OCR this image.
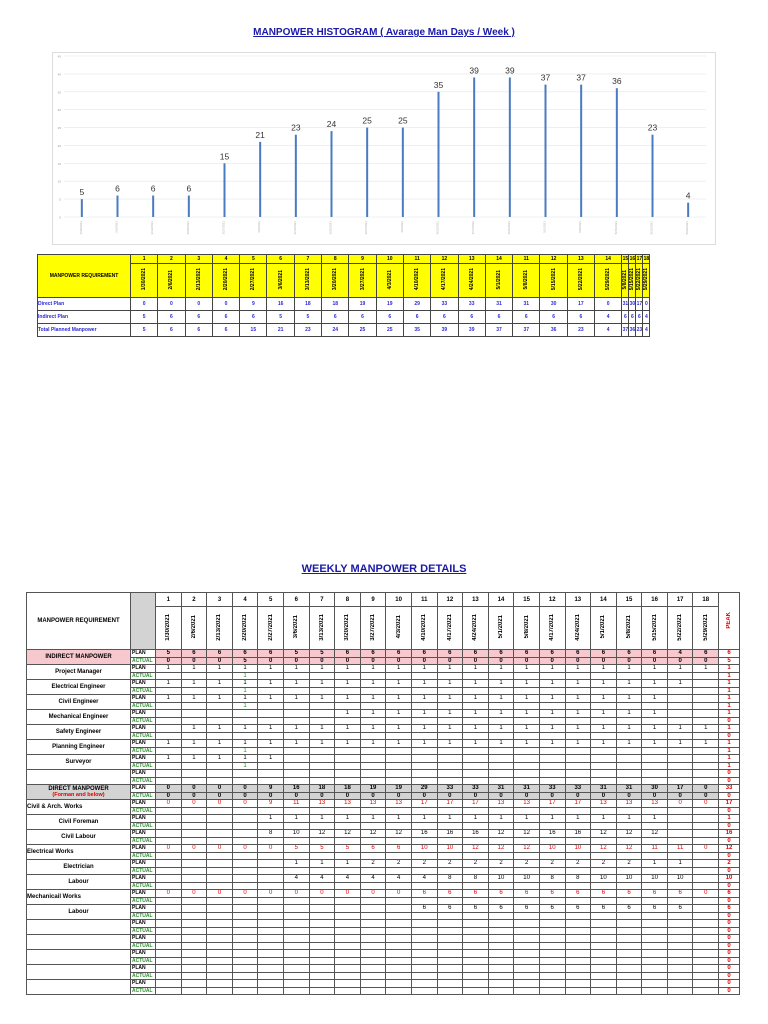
MANPOWER HISTOGRAM ( Avarage Man Days / Week )
0
5
10
15
20
25
30
35
40
45
5
1/30/2021
6
2/6/2021
6
2/13/2021
6
2/20/2021
15
2/27/2021
21
3/6/2021
23
3/13/2021
24
3/20/2021
25
3/27/2021
25
4/3/2021
35
4/10/2021
39
4/17/2021
39
4/24/2021
37
5/1/2021
37
5/8/2021
36
5/15/2021
23
5/22/2021
4
5/29/2021
MANPOWER REQUIREMENT	1	2	3	4	5	6	7	8	9	10	11	12	13	14	11	12	13	14	15	16	17	18
	1/30/2021	2/6/2021	2/13/2021	2/20/2021	2/27/2021	3/6/2021	3/13/2021	3/20/2021	3/27/2021	4/3/2021	4/10/2021	4/17/2021	4/24/2021	5/1/2021	5/8/2021	5/15/2021	5/22/2021	5/29/2021	5/8/2021	5/15/2021	5/22/2021	5/29/2021
Direct Plan	0	0	0	0	9	16	18	18	19	19	29	33	33	31	31	30	17	0	31	30	17	0
Indirect Plan	5	6	6	6	6	5	5	6	6	6	6	6	6	6	6	6	6	4	6	6	6	4
Total Planned Manpower	5	6	6	6	15	21	23	24	25	25	35	39	39	37	37	36	23	4	37	36	23	4
WEEKLY MANPOWER DETAILS
MANPOWER REQUIREMENT		1	2	3	4	5	6	7	8	9	10	11	12	13	14	15	12	13	14	15	16	17	18	PEAK
		1/30/2021	2/6/2021	2/13/2021	2/20/2021	2/27/2021	3/6/2021	3/13/2021	3/20/2021	3/27/2021	4/3/2021	4/10/2021	4/17/2021	4/24/2021	5/1/2021	5/8/2021	4/17/2021	4/24/2021	5/1/2021	5/8/2021	5/15/2021	5/22/2021	5/29/2021	
INDIRECT MANPOWER	PLAN	5	6	6	6	6	5	5	6	6	6	6	6	6	6	6	6	6	6	6	6	4	6	6
	ACTUAL	0	0	0	5	0	0	0	0	0	0	0	0	0	0	0	0	0	0	0	0	0	0	5
Project Manager	PLAN	1	1	1	1	1	1	1	1	1	1	1	1	1	1	1	1	1	1	1	1	1	1	1
	ACTUAL				1																			1
Electrical Engineer	PLAN	1	1	1	1	1	1	1	1	1	1	1	1	1	1	1	1	1	1	1	1	1		1
	ACTUAL				1																			1
Civil Engineer	PLAN	1	1	1	1	1	1	1	1	1	1	1	1	1	1	1	1	1	1	1	1			1
	ACTUAL				1																			1
Mechanical Engineer	PLAN								1	1	1	1	1	1	1	1	1	1	1	1	1			1
	ACTUAL																							0
Safety Engineer	PLAN		1	1	1	1	1	1	1	1	1	1	1	1	1	1	1	1	1	1	1	1	1	1
	ACTUAL																							0
Planning Engineer	PLAN	1	1	1	1	1	1	1	1	1	1	1	1	1	1	1	1	1	1	1	1	1	1	1
	ACTUAL				1																			1
Surveyor	PLAN	1	1	1	1	1																		1
	ACTUAL				1																			1
	PLAN																							0
	ACTUAL																							0
DIRECT MANPOWER
(Forman and below)	PLAN	0	0	0	0	9	16	18	18	19	19	29	33	33	31	31	33	33	31	31	30	17	0	33
	ACTUAL	0	0	0	0	0	0	0	0	0	0	0	0	0	0	0	0	0	0	0	0	0	0	0
Civil & Arch. Works	PLAN	0	0	0	0	9	11	13	13	13	13	17	17	17	13	13	17	17	13	13	13	0	0	17
	ACTUAL																							0
Civil Foreman	PLAN					1	1	1	1	1	1	1	1	1	1	1	1	1	1	1	1			1
	ACTUAL																							0
Civil Labour	PLAN					8	10	12	12	12	12	16	16	16	12	12	16	16	12	12	12			16
	ACTUAL																							0
Electrical Works	PLAN	0	0	0	0	0	5	5	5	6	6	10	10	12	12	12	10	10	12	12	11	11	0	12
	ACTUAL																							0
Electrician	PLAN						1	1	1	2	2	2	2	2	2	2	2	2	2	2	1	1		2
	ACTUAL																							0
Labour	PLAN						4	4	4	4	4	4	8	8	10	10	8	8	10	10	10	10		10
	ACTUAL																							0
Mechanicail Works	PLAN	0	0	0	0	0	0	0	0	0	0	6	6	6	6	6	6	6	6	6	6	6	0	6
	ACTUAL																							0
Labour	PLAN											6	6	6	6	6	6	6	6	6	6	6		6
	ACTUAL																							0
	PLAN																							0
	ACTUAL																							0
	PLAN																							0
	ACTUAL																							0
	PLAN																							0
	ACTUAL																							0
	PLAN																							0
	ACTUAL																							0
	PLAN																							0
	ACTUAL																							0
